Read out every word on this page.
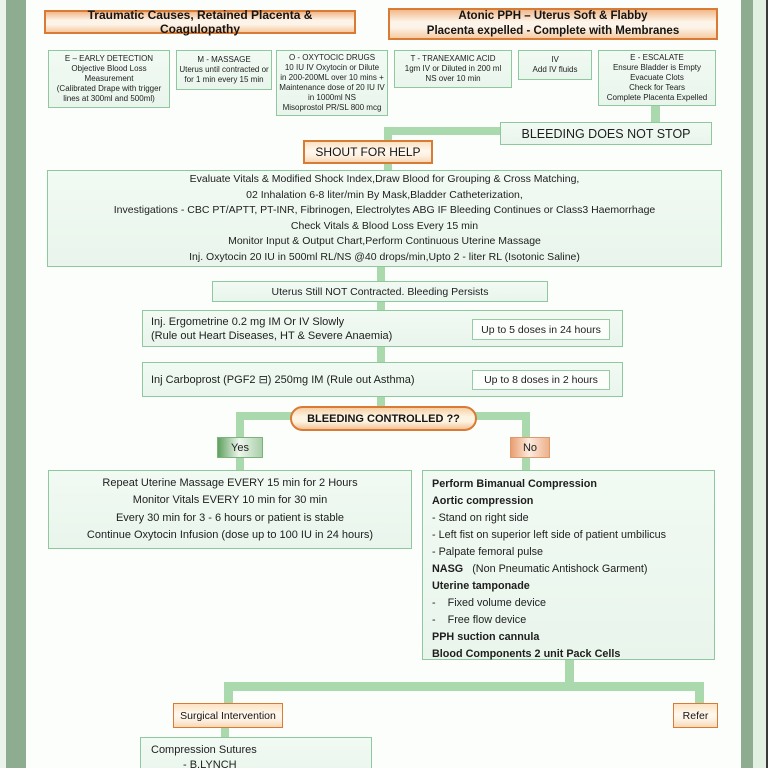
Traumatic Causes, Retained Placenta & Coagulopathy
Atonic PPH – Uterus Soft & Flabby
Placenta expelled - Complete with Membranes
E – EARLY DETECTION
Objective Blood Loss
Measurement
(Calibrated Drape with trigger
lines at 300ml and 500ml)
M - MASSAGE
Uterus until contracted or
for 1 min every 15 min
O - OXYTOCIC DRUGS
10 IU IV Oxytocin or Dilute
in 200-200ML over 10 mins +
Maintenance dose of 20 IU IV
in 1000ml NS
Misoprostol PR/SL 800 mcg
T - TRANEXAMIC ACID
1gm IV or Diluted in 200 ml
NS over 10 min
IV
Add IV fluids
E - ESCALATE
Ensure Bladder is Empty
Evacuate Clots
Check for Tears
Complete Placenta Expelled
BLEEDING DOES NOT STOP
SHOUT FOR HELP
Evaluate Vitals & Modified Shock Index,Draw Blood for Grouping & Cross Matching,
02 Inhalation 6-8 liter/min By Mask,Bladder Catheterization,
Investigations - CBC PT/APTT, PT-INR, Fibrinogen, Electrolytes ABG IF Bleeding Continues or Class3 Haemorrhage
Check Vitals & Blood Loss Every 15 min
Monitor Input & Output Chart,Perform Continuous Uterine Massage
Inj. Oxytocin 20 IU in 500ml RL/NS @40 drops/min,Upto 2 - liter RL (Isotonic Saline)
Uterus Still NOT Contracted. Bleeding Persists
Inj. Ergometrine 0.2 mg IM Or IV Slowly
(Rule out Heart Diseases, HT & Severe Anaemia)
Up to 5 doses in 24 hours
Inj Carboprost (PGF2 ⊟) 250mg IM (Rule out Asthma)	Up to 8 doses in 2 hours
BLEEDING CONTROLLED ??
Yes	No
Repeat Uterine Massage EVERY 15 min for 2 Hours
Monitor Vitals EVERY 10 min for 30 min
Every 30 min for 3 - 6 hours or patient is stable
Continue Oxytocin Infusion (dose up to 100 IU in 24 hours)
Perform Bimanual Compression
Aortic compression
- Stand on right side
- Left fist on superior left side of patient umbilicus
- Palpate femoral pulse
NASG   (Non Pneumatic Antishock Garment)
Uterine tamponade
-    Fixed volume device
-    Free flow device
PPH suction cannula
Blood Components 2 unit Pack Cells
Surgical Intervention	Refer
Compression Sutures
- B.LYNCH
